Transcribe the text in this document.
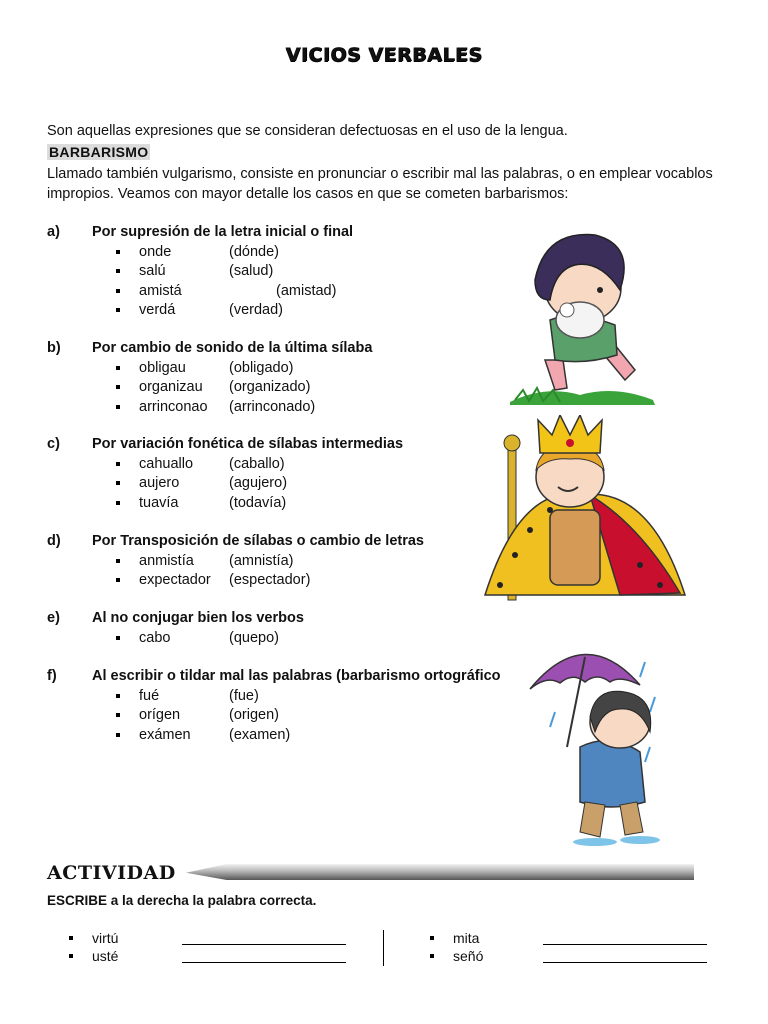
VICIOS VERBALES
Son aquellas expresiones que se consideran defectuosas en el uso de la lengua.
BARBARISMO
Llamado también vulgarismo, consiste en pronunciar o escribir mal las palabras, o en emplear vocablos impropios. Veamos con mayor detalle los casos en que se cometen barbarismos:
a) Por supresión de la letra inicial o final
onde	(dónde)
salú	(salud)
amistá	(amistad)
verdá	(verdad)
b) Por cambio de sonido de la última sílaba
obligau	(obligado)
organizau (organizado)
arrinconao (arrinconado)
c) Por variación fonética de sílabas intermedias
cahuallo (caballo)
aujero	(agujero)
tuavía	(todavía)
d) Por Transposición de sílabas o cambio de letras
anmistía (amnistía)
expectador (espectador)
e) Al no conjugar bien los verbos
cabo	(quepo)
f) Al escribir o tildar mal las palabras (barbarismo ortográfico
fué	(fue)
orígen	(origen)
exámen	(examen)
ACTIVIDAD
ESCRIBE a la derecha la palabra correcta.
virtú
usté
mita
señó
